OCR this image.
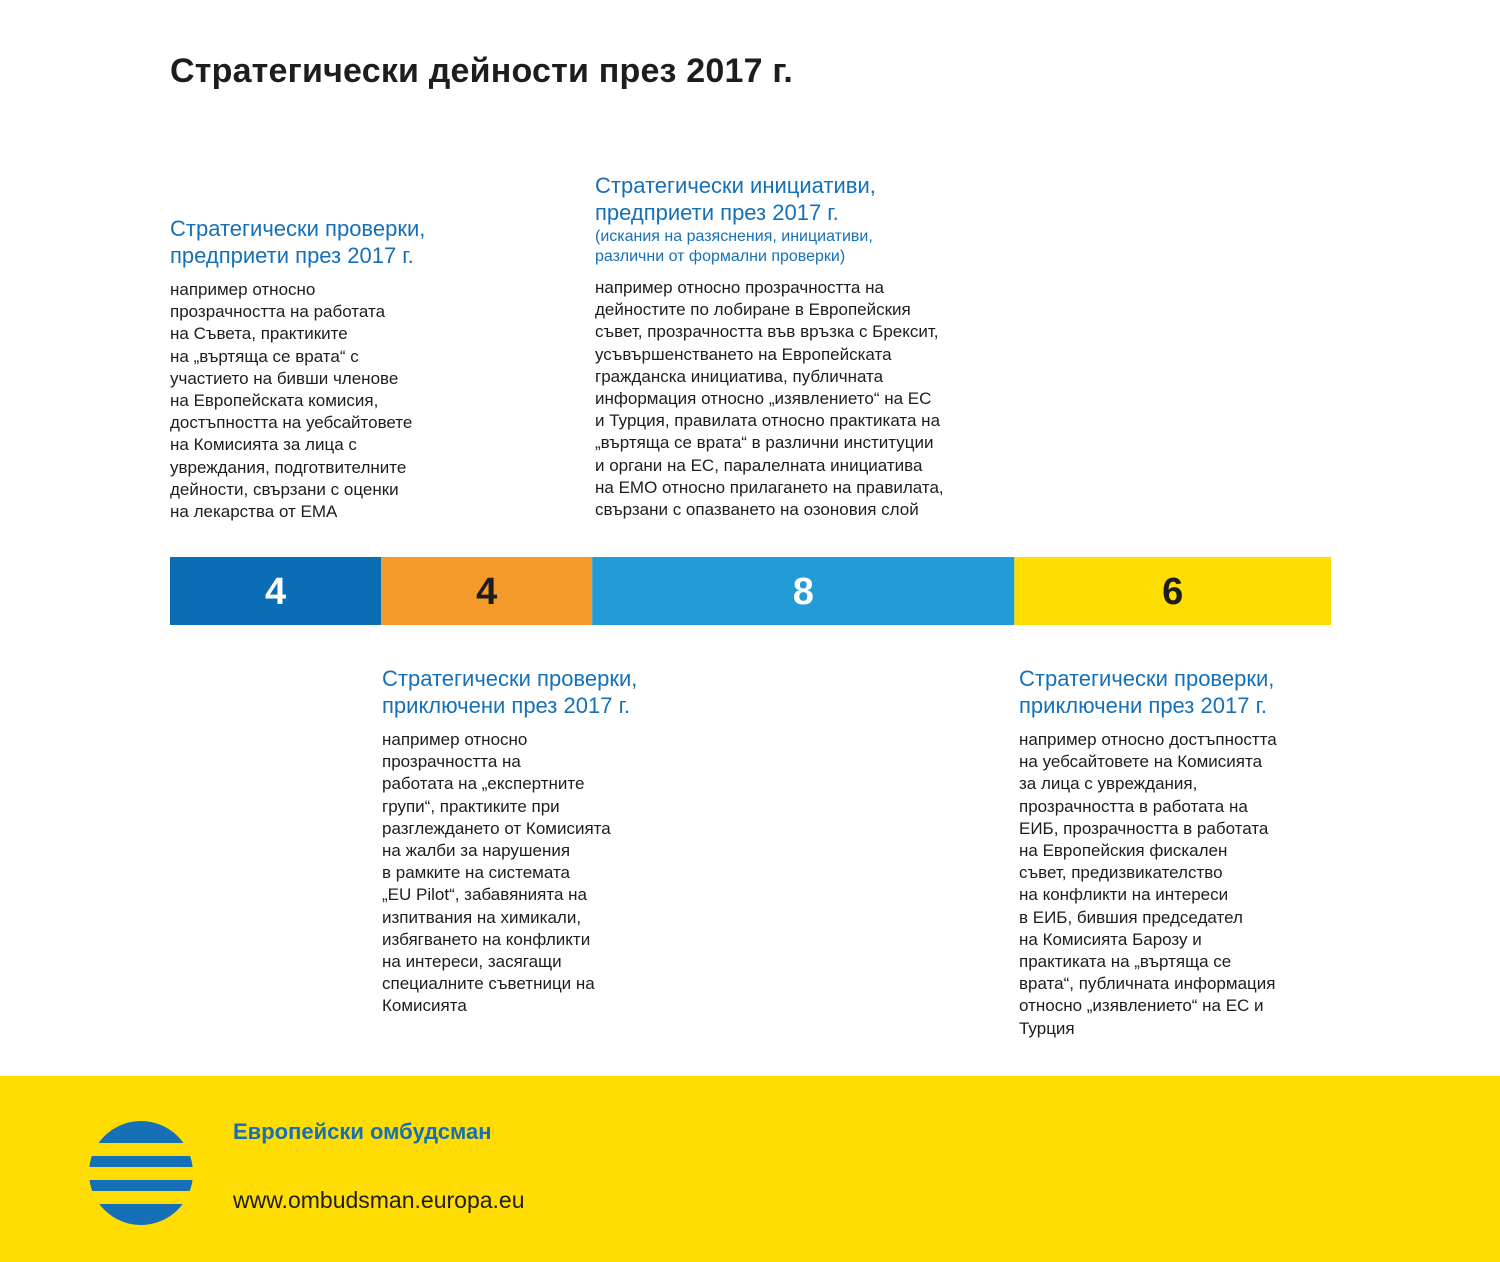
Стратегически дейности през 2017 г.
Стратегически проверки,
предприети през 2017 г.
например относно
прозрачността на работата
на Съвета, практиките
на „въртяща се врата“ с
участието на бивши членове
на Европейската комисия,
достъпността на уебсайтовете
на Комисията за лица с
увреждания, подготвителните
дейности, свързани с оценки
на лекарства от ЕМА
Стратегически инициативи,
предприети през 2017 г.
(искания на разяснения, инициативи,
различни от формални проверки)
например относно прозрачността на
дейностите по лобиране в Европейския
съвет, прозрачността във връзка с Брексит,
усъвършенстването на Европейската
гражданска инициатива, публичната
информация относно „изявлението“ на ЕС
и Турция, правилата относно практиката на
„въртяща се врата“ в различни институции
и органи на ЕС, паралелната инициатива
на ЕМО относно прилагането на правилата,
свързани с опазването на озоновия слой
Стратегически проверки,
приключени през 2017 г.
например относно
прозрачността на
работата на „експертните
групи“, практиките при
разглеждането от Комисията
на жалби за нарушения
в рамките на системата
„EU Pilot“, забавянията на
изпитвания на химикали,
избягването на конфликти
на интереси, засягащи
специалните съветници на
Комисията
Стратегически проверки,
приключени през 2017 г.
например относно достъпността
на уебсайтовете на Комисията
за лица с увреждания,
прозрачността в работата на
ЕИБ, прозрачността в работата
на Европейския фискален
съвет, предизвикателство
на конфликти на интереси
в ЕИБ, бившия председател
на Комисията Барозу и
практиката на „въртяща се
врата“, публичната информация
относно „изявлението“ на ЕС и
Турция
4	4	8	6
Европейски омбудсман
www.ombudsman.europa.eu
